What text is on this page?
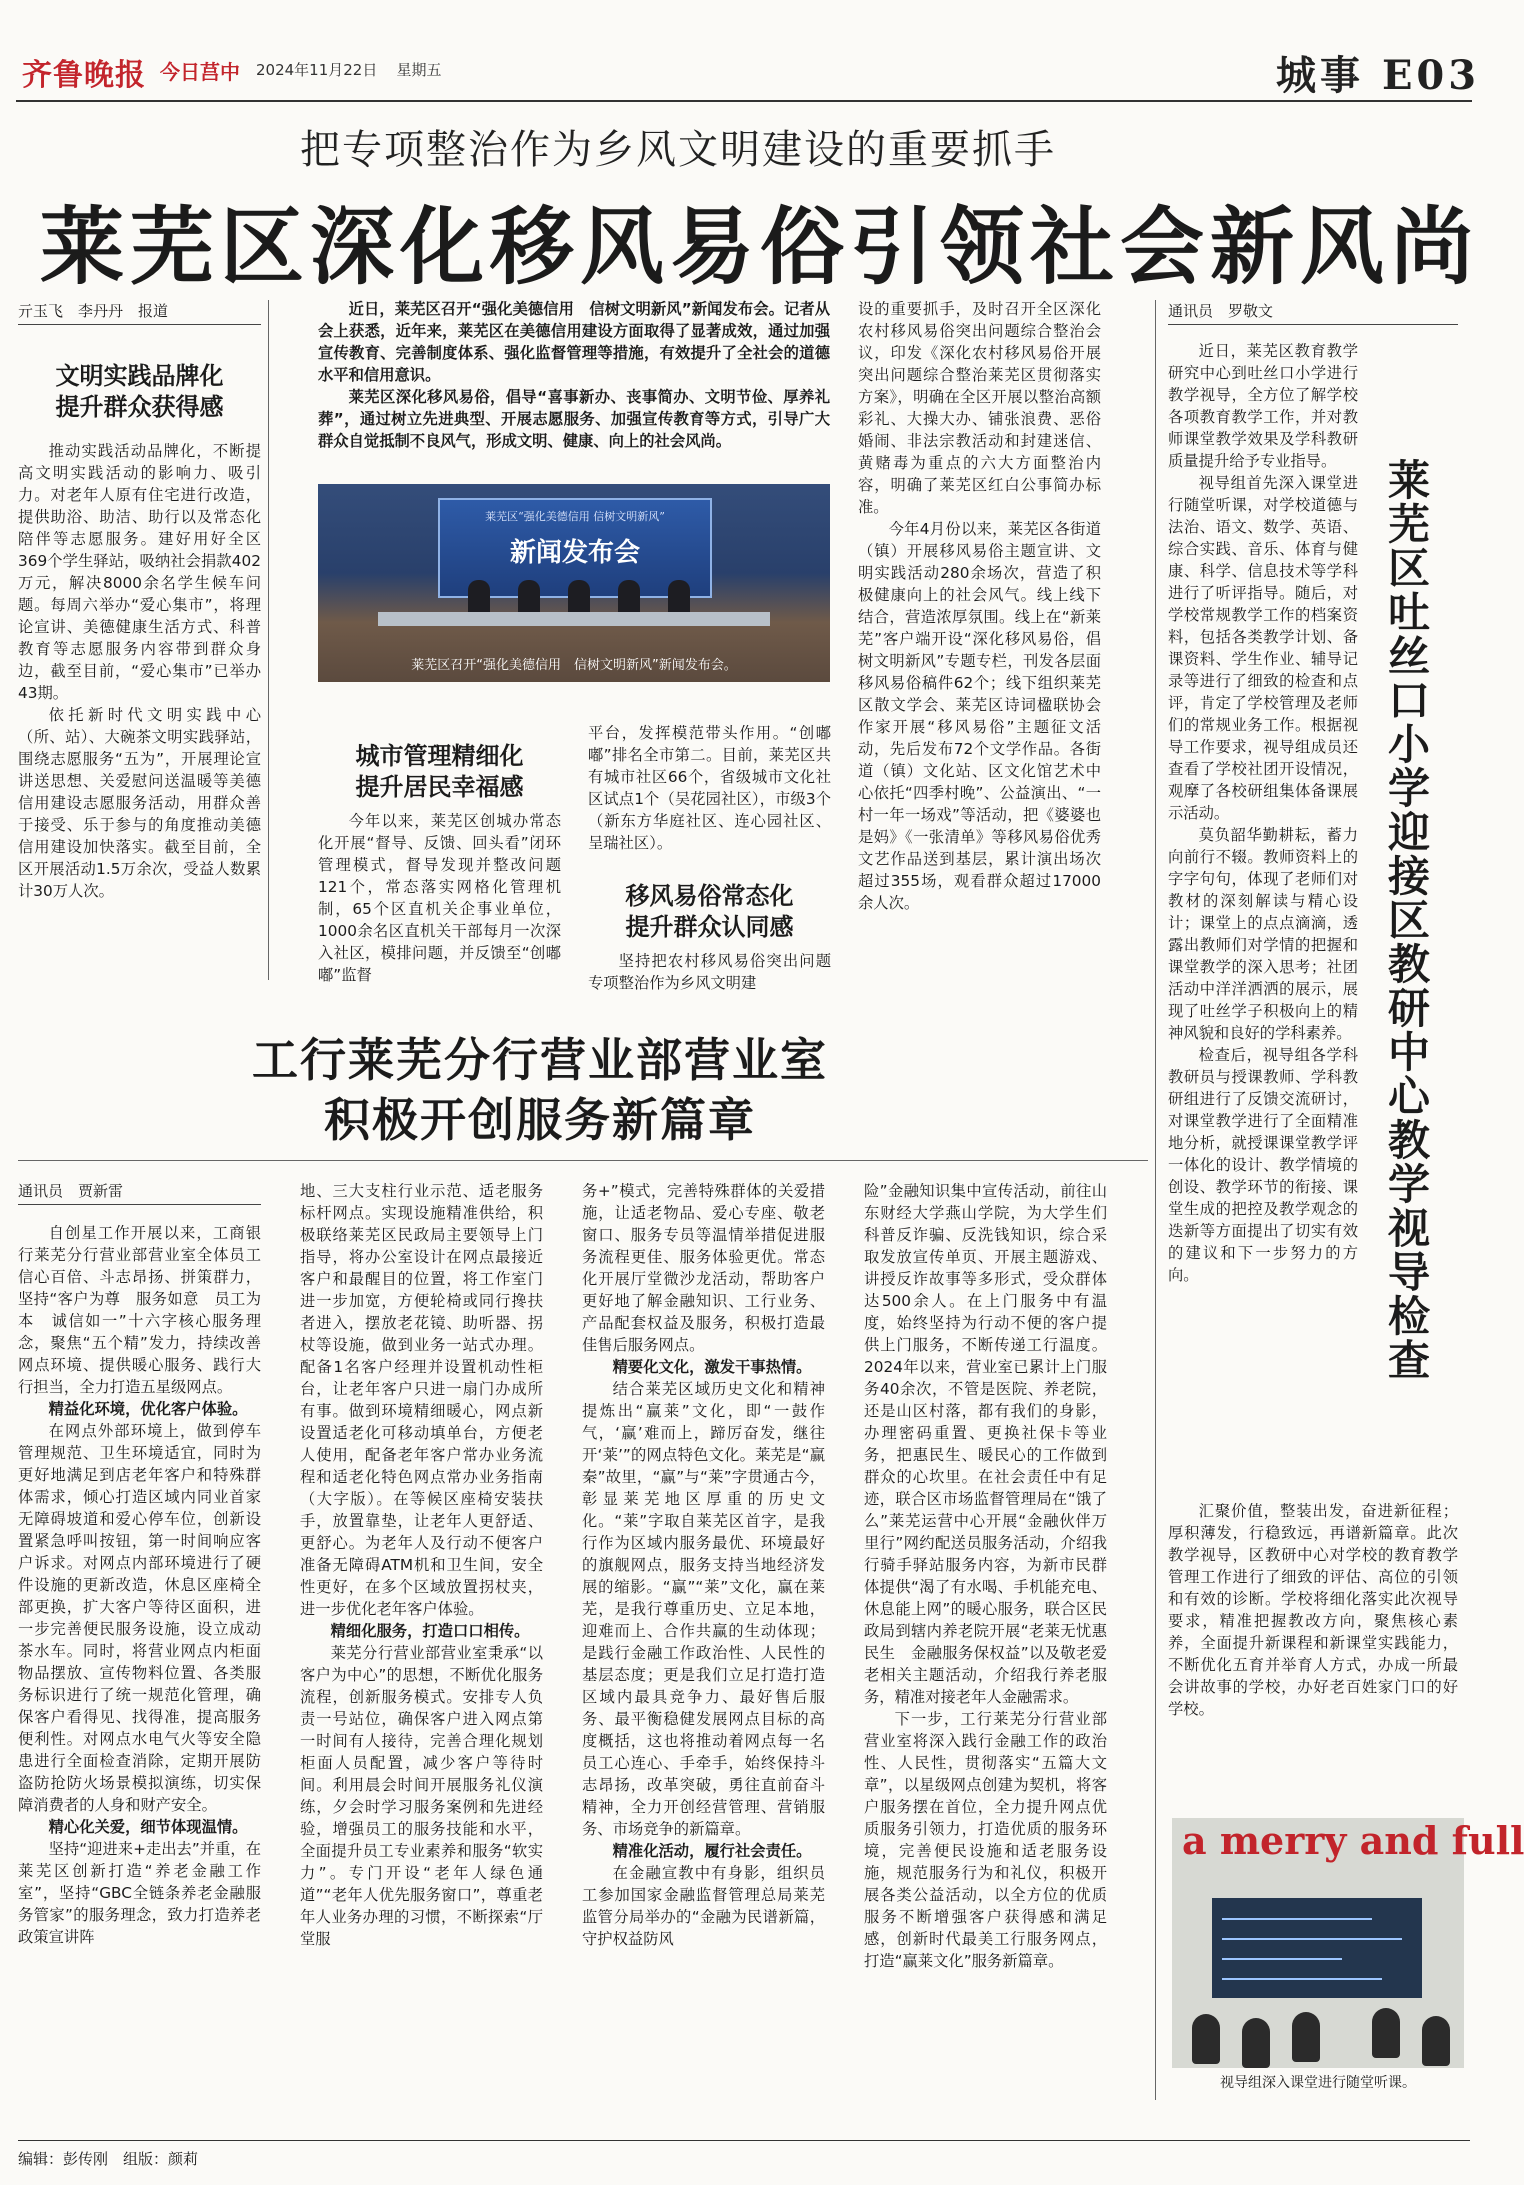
齐鲁晚报 今日莒中 2024年11月22日 星期五	城事 E03
把专项整治作为乡风文明建设的重要抓手
莱芜区深化移风易俗引领社会新风尚
亓玉飞　李丹丹　报道
文明实践品牌化
提升群众获得感

推动实践活动品牌化，不断提高文明实践活动的影响力、吸引力。对老年人原有住宅进行改造，提供助浴、助洁、助行以及常态化陪伴等志愿服务。建好用好全区369个学生驿站，吸纳社会捐款402万元，解决8000余名学生候车问题。每周六举办“爱心集市”，将理论宣讲、美德健康生活方式、科普教育等志愿服务内容带到群众身边，截至目前，“爱心集市”已举办43期。

依托新时代文明实践中心（所、站）、大碗茶文明实践驿站，围绕志愿服务“五为”，开展理论宣讲送思想、关爱慰问送温暖等美德信用建设志愿服务活动，用群众善于接受、乐于参与的角度推动美德信用建设加快落实。截至目前，全区开展活动1.5万余次，受益人数累计30万人次。

近日，莱芜区召开“强化美德信用　信树文明新风”新闻发布会。记者从会上获悉，近年来，莱芜区在美德信用建设方面取得了显著成效，通过加强宣传教育、完善制度体系、强化监督管理等措施，有效提升了全社会的道德水平和信用意识。

莱芜区深化移风易俗，倡导“喜事新办、丧事简办、文明节俭、厚养礼葬”，通过树立先进典型、开展志愿服务、加强宣传教育等方式，引导广大群众自觉抵制不良风气，形成文明、健康、向上的社会风尚。

莱芜区“强化美德信用 信树文明新风”
新闻发布会
莱芜区召开“强化美德信用　信树文明新风”新闻发布会。
城市管理精细化
提升居民幸福感

今年以来，莱芜区创城办常态化开展“督导、反馈、回头看”闭环管理模式，督导发现并整改问题121个，常态落实网格化管理机制，65个区直机关企事业单位，1000余名区直机关干部每月一次深入社区，模排问题，并反馈至“创嘟嘟”监督

平台，发挥模范带头作用。“创嘟嘟”排名全市第二。目前，莱芜区共有城市社区66个，省级城市文化社区试点1个（吴花园社区），市级3个（新东方华庭社区、连心园社区、呈瑞社区）。

移风易俗常态化
提升群众认同感

坚持把农村移风易俗突出问题专项整治作为乡风文明建

设的重要抓手，及时召开全区深化农村移风易俗突出问题综合整治会议，印发《深化农村移风易俗开展突出问题综合整治莱芜区贯彻落实方案》，明确在全区开展以整治高额彩礼、大操大办、铺张浪费、恶俗婚闹、非法宗教活动和封建迷信、黄赌毒为重点的六大方面整治内容，明确了莱芜区红白公事简办标准。

今年4月份以来，莱芜区各街道（镇）开展移风易俗主题宣讲、文明实践活动280余场次，营造了积极健康向上的社会风气。线上线下结合，营造浓厚氛围。线上在“新莱芜”客户端开设“深化移风易俗，倡树文明新风”专题专栏，刊发各层面移风易俗稿件62个；线下组织莱芜区散文学会、莱芜区诗词楹联协会作家开展“移风易俗”主题征文活动，先后发布72个文学作品。各街道（镇）文化站、区文化馆艺术中心依托“四季村晚”、公益演出、“一村一年一场戏”等活动，把《婆婆也是妈》《一张清单》等移风易俗优秀文艺作品送到基层，累计演出场次超过355场，观看群众超过17000余人次。

工行莱芜分行营业部营业室
积极开创服务新篇章
通讯员　贾新雷

自创星工作开展以来，工商银行莱芜分行营业部营业室全体员工信心百倍、斗志昂扬、拼策群力，坚持“客户为尊　服务如意　员工为本　诚信如一”十六字核心服务理念，聚焦“五个精”发力，持续改善网点环境、提供暖心服务、践行大行担当，全力打造五星级网点。

精益化环境，优化客户体验。

在网点外部环境上，做到停车管理规范、卫生环境适宜，同时为更好地满足到店老年客户和特殊群体需求，倾心打造区域内同业首家无障碍坡道和爱心停车位，创新设置紧急呼叫按钮，第一时间响应客户诉求。对网点内部环境进行了硬件设施的更新改造，休息区座椅全部更换，扩大客户等待区面积，进一步完善便民服务设施，设立成动茶水车。同时，将营业网点内柜面物品摆放、宣传物料位置、各类服务标识进行了统一规范化管理，确保客户看得见、找得准，提高服务便利性。对网点水电气火等安全隐患进行全面检查消除，定期开展防盗防抢防火场景模拟演练，切实保障消费者的人身和财产安全。

精心化关爱，细节体现温情。

坚持“迎进来+走出去”并重，在莱芜区创新打造“养老金融工作室”，坚持“GBC全链条养老金融服务管家”的服务理念，致力打造养老政策宣讲阵

地、三大支柱行业示范、适老服务标杆网点。实现设施精准供给，积极联络莱芜区民政局主要领导上门指导，将办公室设计在网点最接近客户和最醒目的位置，将工作室门进一步加宽，方便轮椅或同行搀扶者进入，摆放老花镜、助听器、拐杖等设施，做到业务一站式办理。配备1名客户经理并设置机动性柜台，让老年客户只进一扇门办成所有事。做到环境精细暖心，网点新设置适老化可移动填单台，方便老人使用，配备老年客户常办业务流程和适老化特色网点常办业务指南（大字版）。在等候区座椅安装扶手，放置靠垫，让老年人更舒适、更舒心。为老年人及行动不便客户准备无障碍ATM机和卫生间，安全性更好，在多个区域放置拐杖夹，进一步优化老年客户体验。

精细化服务，打造口口相传。

莱芜分行营业部营业室秉承“以客户为中心”的思想，不断优化服务流程，创新服务模式。安排专人负责一号站位，确保客户进入网点第一时间有人接待，完善合理化规划柜面人员配置，减少客户等待时间。利用晨会时间开展服务礼仪演练，夕会时学习服务案例和先进经验，增强员工的服务技能和水平，全面提升员工专业素养和服务“软实力”。专门开设“老年人绿色通道”“老年人优先服务窗口”，尊重老年人业务办理的习惯，不断探索“厅堂服

务+”模式，完善特殊群体的关爱措施，让适老物品、爱心专座、敬老窗口、服务专员等温情举措促进服务流程更佳、服务体验更优。常态化开展厅堂微沙龙活动，帮助客户更好地了解金融知识、工行业务、产品配套权益及服务，积极打造最佳售后服务网点。

精要化文化，激发干事热情。

结合莱芜区域历史文化和精神提炼出“赢莱”文化，即“一鼓作气，‘赢’难而上，蹄厉奋发，继往开‘莱’”的网点特色文化。莱芜是“赢秦”故里，“赢”与“莱”字贯通古今，彰显莱芜地区厚重的历史文化。“莱”字取自莱芜区首字，是我行作为区域内服务最优、环境最好的旗舰网点，服务支持当地经济发展的缩影。“赢”“莱”文化，赢在莱芜，是我行尊重历史、立足本地，迎难而上、合作共赢的生动体现；是践行金融工作政治性、人民性的基层态度；更是我们立足打造打造区域内最具竞争力、最好售后服务、最平衡稳健发展网点目标的高度概括，这也将推动着网点每一名员工心连心、手牵手，始终保持斗志昂扬，改革突破，勇往直前奋斗精神，全力开创经营管理、营销服务、市场竞争的新篇章。

精准化活动，履行社会责任。

在金融宣教中有身影，组织员工参加国家金融监督管理总局莱芜监管分局举办的“金融为民谱新篇，守护权益防风

险”金融知识集中宣传活动，前往山东财经大学燕山学院，为大学生们科普反诈骗、反洗钱知识，综合采取发放宣传单页、开展主题游戏、讲授反诈故事等多形式，受众群体达500余人。在上门服务中有温度，始终坚持为行动不便的客户提供上门服务，不断传递工行温度。2024年以来，营业室已累计上门服务40余次，不管是医院、养老院，还是山区村落，都有我们的身影，办理密码重置、更换社保卡等业务，把惠民生、暖民心的工作做到群众的心坎里。在社会责任中有足迹，联合区市场监督管理局在“饿了么”莱芜运营中心开展“金融伙伴万里行”网约配送员服务活动，介绍我行骑手驿站服务内容，为新市民群体提供“渴了有水喝、手机能充电、休息能上网”的暖心服务，联合区民政局到辖内养老院开展“老莱无忧惠民生　金融服务保权益”以及敬老爱老相关主题活动，介绍我行养老服务，精准对接老年人金融需求。

下一步，工行莱芜分行营业部营业室将深入践行金融工作的政治性、人民性，贯彻落实“五篇大文章”，以星级网点创建为契机，将客户服务摆在首位，全力提升网点优质服务引领力，打造优质的服务环境，完善便民设施和适老服务设施，规范服务行为和礼仪，积极开展各类公益活动，以全方位的优质服务不断增强客户获得感和满足感，创新时代最美工行服务网点，打造“赢莱文化”服务新篇章。

通讯员　罗敬文
莱芜区吐丝口小学迎接区教研中心教学视导检查

近日，莱芜区教育教学研究中心到吐丝口小学进行教学视导，全方位了解学校各项教育教学工作，并对教师课堂教学效果及学科教研质量提升给予专业指导。

视导组首先深入课堂进行随堂听课，对学校道德与法治、语文、数学、英语、综合实践、音乐、体育与健康、科学、信息技术等学科进行了听评指导。随后，对学校常规教学工作的档案资料，包括各类教学计划、备课资料、学生作业、辅导记录等进行了细致的检查和点评，肯定了学校管理及老师们的常规业务工作。根据视导工作要求，视导组成员还查看了学校社团开设情况，观摩了各校研组集体备课展示活动。

莫负韶华勤耕耘，蓄力向前行不辍。教师资料上的字字句句，体现了老师们对教材的深刻解读与精心设计；课堂上的点点滴滴，透露出教师们对学情的把握和课堂教学的深入思考；社团活动中洋洋洒洒的展示，展现了吐丝学子积极向上的精神风貌和良好的学科素养。

检查后，视导组各学科教研员与授课教师、学科教研组进行了反馈交流研讨，对课堂教学进行了全面精准地分析，就授课课堂教学评一体化的设计、教学情境的创设、教学环节的衔接、课堂生成的把控及教学观念的迭新等方面提出了切实有效的建议和下一步努力的方向。

汇聚价值，整装出发，奋进新征程；厚积薄发，行稳致远，再谱新篇章。此次教学视导，区教研中心对学校的教育教学管理工作进行了细致的评估、高位的引领和有效的诊断。学校将细化落实此次视导要求，精准把握教改方向，聚焦核心素养，全面提升新课程和新课堂实践能力，不断优化五育并举育人方式，办成一所最会讲故事的学校，办好老百姓家门口的好学校。

a merry and full
视导组深入课堂进行随堂听课。
编辑：彭传刚　组版：颜莉
